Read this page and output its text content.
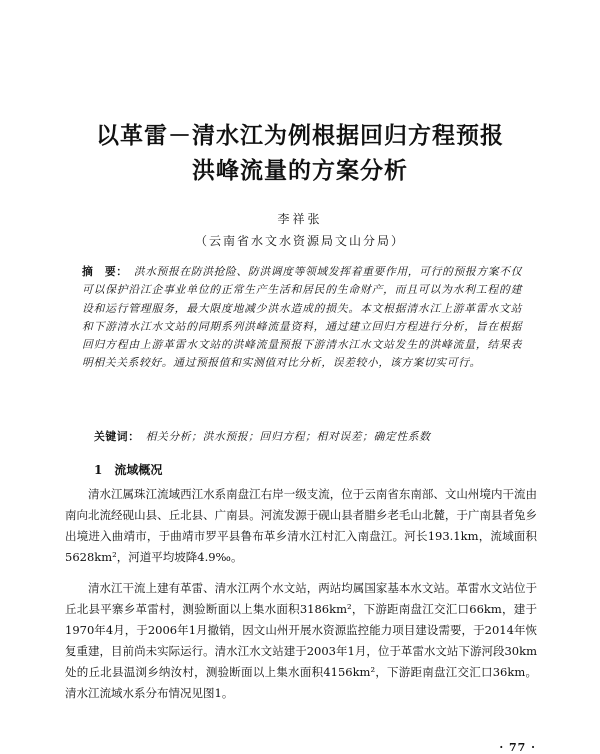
以革雷－清水江为例根据回归方程预报
洪峰流量的方案分析
李祥张
（云南省水文水资源局文山分局）
摘　要： 洪水预报在防洪抢险、防洪调度等领域发挥着重要作用，可行的预报方案不仅可以保护沿江企事业单位的正常生产生活和居民的生命财产，而且可以为水利工程的建设和运行管理服务，最大限度地减少洪水造成的损失。本文根据清水江上游革雷水文站和下游清水江水文站的同期系列洪峰流量资料，通过建立回归方程进行分析，旨在根据回归方程由上游革雷水文站的洪峰流量预报下游清水江水文站发生的洪峰流量，结果表明相关关系较好。通过预报值和实测值对比分析，误差较小，该方案切实可行。
关键词： 相关分析；洪水预报；回归方程；相对误差；确定性系数
1 流域概况
清水江属珠江流域西江水系南盘江右岸一级支流，位于云南省东南部、文山州境内干流由南向北流经砚山县、丘北县、广南县。河流发源于砚山县者腊乡老毛山北麓，于广南县者兔乡出境进入曲靖市，于曲靖市罗平县鲁布革乡清水江村汇入南盘江。河长193.1km，流域面积5628km²，河道平均坡降4.9‰。
清水江干流上建有革雷、清水江两个水文站，两站均属国家基本水文站。革雷水文站位于丘北县平寨乡革雷村，测验断面以上集水面积3186km²，下游距南盘江交汇口66km，建于1970年4月，于2006年1月撤销，因文山州开展水资源监控能力项目建设需要，于2014年恢复重建，目前尚未实际运行。清水江水文站建于2003年1月，位于革雷水文站下游河段30km处的丘北县温浏乡纳汝村，测验断面以上集水面积4156km²，下游距南盘江交汇口36km。清水江流域水系分布情况见图1。
· 77 ·
